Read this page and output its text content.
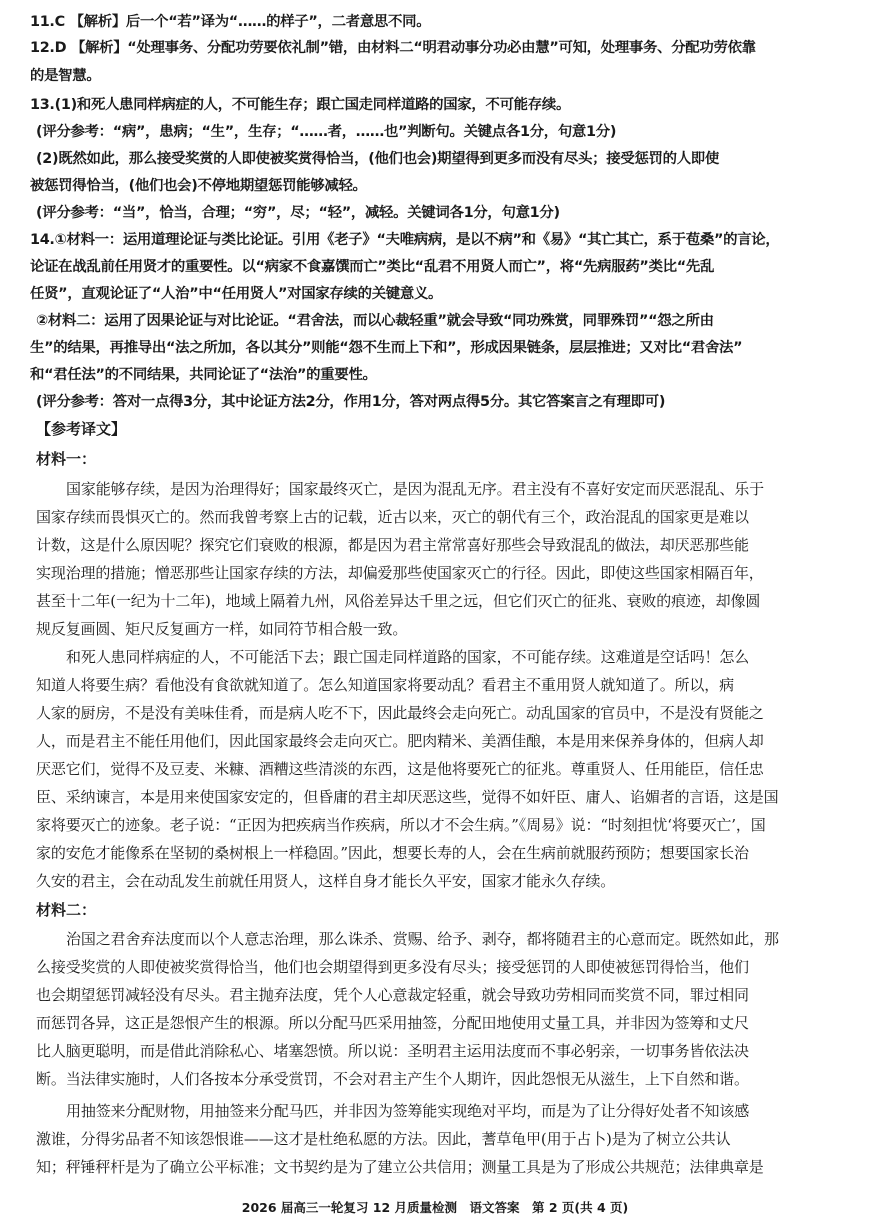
11.C 【解析】后一个“若”译为“……的样子”，二者意思不同。
12.D 【解析】“处理事务、分配功劳要依礼制”错，由材料二“明君动事分功必由慧”可知，处理事务、分配功劳依靠
的是智慧。
13.(1)和死人患同样病症的人，不可能生存；跟亡国走同样道路的国家，不可能存续。
(评分参考：“病”，患病；“生”，生存；“……者，……也”判断句。关键点各1分，句意1分)
(2)既然如此，那么接受奖赏的人即使被奖赏得恰当，(他们也会)期望得到更多而没有尽头；接受惩罚的人即使
被惩罚得恰当，(他们也会)不停地期望惩罚能够减轻。
(评分参考：“当”，恰当，合理；“穷”，尽；“轻”，减轻。关键词各1分，句意1分)
14.①材料一：运用道理论证与类比论证。引用《老子》“夫唯病病，是以不病”和《易》“其亡其亡，系于苞桑”的言论，
论证在战乱前任用贤才的重要性。以“病家不食嘉馔而亡”类比“乱君不用贤人而亡”，将“先病服药”类比“先乱
任贤”，直观论证了“人治”中“任用贤人”对国家存续的关键意义。
②材料二：运用了因果论证与对比论证。“君舍法，而以心裁轻重”就会导致“同功殊赏，同罪殊罚”“怨之所由
生”的结果，再推导出“法之所加，各以其分”则能“怨不生而上下和”，形成因果链条，层层推进；又对比“君舍法”
和“君任法”的不同结果，共同论证了“法治”的重要性。
(评分参考：答对一点得3分，其中论证方法2分，作用1分，答对两点得5分。其它答案言之有理即可)
【参考译文】
材料一：
国家能够存续，是因为治理得好；国家最终灭亡，是因为混乱无序。君主没有不喜好安定而厌恶混乱、乐于
国家存续而畏惧灭亡的。然而我曾考察上古的记载，近古以来，灭亡的朝代有三个，政治混乱的国家更是难以
计数，这是什么原因呢？探究它们衰败的根源，都是因为君主常常喜好那些会导致混乱的做法，却厌恶那些能
实现治理的措施；憎恶那些让国家存续的方法，却偏爱那些使国家灭亡的行径。因此，即使这些国家相隔百年，
甚至十二年(一纪为十二年)，地域上隔着九州，风俗差异达千里之远，但它们灭亡的征兆、衰败的痕迹，却像圆
规反复画圆、矩尺反复画方一样，如同符节相合般一致。
和死人患同样病症的人，不可能活下去；跟亡国走同样道路的国家，不可能存续。这难道是空话吗！怎么
知道人将要生病？看他没有食欲就知道了。怎么知道国家将要动乱？看君主不重用贤人就知道了。所以，病
人家的厨房，不是没有美味佳肴，而是病人吃不下，因此最终会走向死亡。动乱国家的官员中，不是没有贤能之
人，而是君主不能任用他们，因此国家最终会走向灭亡。肥肉精米、美酒佳酿，本是用来保养身体的，但病人却
厌恶它们，觉得不及豆麦、米糠、酒糟这些清淡的东西，这是他将要死亡的征兆。尊重贤人、任用能臣，信任忠
臣、采纳谏言，本是用来使国家安定的，但昏庸的君主却厌恶这些，觉得不如奸臣、庸人、谄媚者的言语，这是国
家将要灭亡的迹象。老子说：“正因为把疾病当作疾病，所以才不会生病。”《周易》说：“时刻担忧‘将要灭亡’，国
家的安危才能像系在坚韧的桑树根上一样稳固。”因此，想要长寿的人，会在生病前就服药预防；想要国家长治
久安的君主，会在动乱发生前就任用贤人，这样自身才能长久平安，国家才能永久存续。
材料二：
治国之君舍弃法度而以个人意志治理，那么诛杀、赏赐、给予、剥夺，都将随君主的心意而定。既然如此，那
么接受奖赏的人即使被奖赏得恰当，他们也会期望得到更多没有尽头；接受惩罚的人即使被惩罚得恰当，他们
也会期望惩罚减轻没有尽头。君主抛弃法度，凭个人心意裁定轻重，就会导致功劳相同而奖赏不同，罪过相同
而惩罚各异，这正是怨恨产生的根源。所以分配马匹采用抽签，分配田地使用丈量工具，并非因为签筹和丈尺
比人脑更聪明，而是借此消除私心、堵塞怨愤。所以说：圣明君主运用法度而不事必躬亲，一切事务皆依法决
断。当法律实施时，人们各按本分承受赏罚，不会对君主产生个人期许，因此怨恨无从滋生，上下自然和谐。
用抽签来分配财物，用抽签来分配马匹，并非因为签筹能实现绝对平均，而是为了让分得好处者不知该感
激谁，分得劣品者不知该怨恨谁——这才是杜绝私愿的方法。因此，蓍草龟甲(用于占卜)是为了树立公共认
知；秤锤秤杆是为了确立公平标准；文书契约是为了建立公共信用；测量工具是为了形成公共规范；法律典章是
2026 届高三一轮复习 12 月质量检测　语文答案　第 2 页(共 4 页)
